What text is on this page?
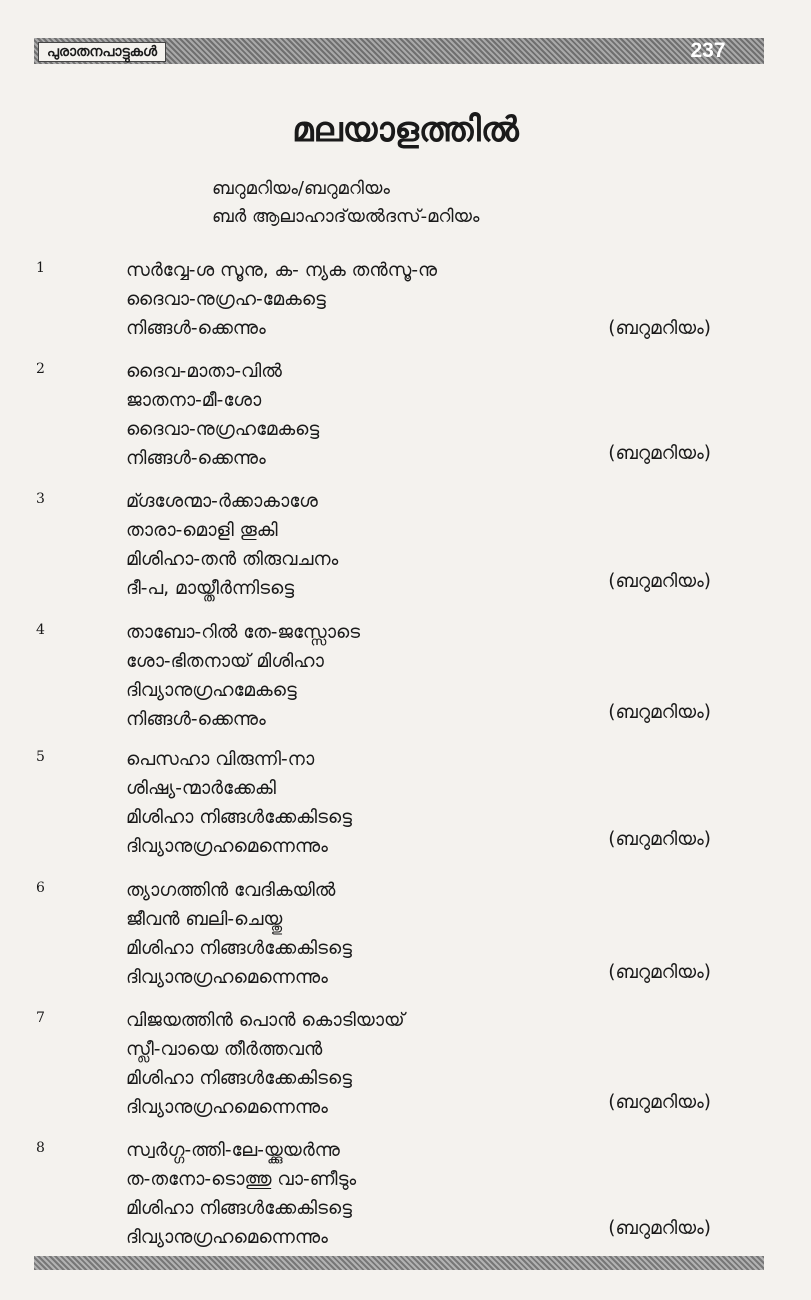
പുരാതനപാട്ടുകൾ	237
മലയാളത്തിൽ
ബറുമറിയം/ബറുമറിയം
ബർ ആലാഹാദ്‌യൽദസ്-മറിയം
1	സർവ്വേ-ശ സൂനു, ക- ന്യക തൻസൂ-നു
ദൈവാ-നുഗ്രഹ-മേകട്ടെ
നിങ്ങൾ-ക്കെന്നും	(ബറുമറിയം)
2	ദൈവ-മാതാ-വിൽ
ജാതനാ-മീ-ശോ
ദൈവാ-നുഗ്രഹമേകട്ടെ
നിങ്ങൾ-ക്കെന്നും	(ബറുമറിയം)
3	മ്ഗ്ദശേന്മാ-ർക്കാകാശേ
താരാ-മൊളി തൂകി
മിശിഹാ-തൻ തിരുവചനം
ദീ-പ, മായ്തീർന്നിടട്ടെ	(ബറുമറിയം)
4	താബോ-റിൽ തേ-ജസ്സോടെ
ശോ-ഭിതനായ് മിശിഹാ
ദിവ്യാനുഗ്രഹമേകട്ടെ
നിങ്ങൾ-ക്കെന്നും	(ബറുമറിയം)
5	പെസഹാ വിരുന്നി-നാ
ശിഷ്യ-ന്മാർക്കേകി
മിശിഹാ നിങ്ങൾക്കേകിടട്ടെ
ദിവ്യാനുഗ്രഹമെന്നെന്നും	(ബറുമറിയം)
6	ത്യാഗത്തിൻ വേദികയിൽ
ജീവൻ ബലി-ചെയ്തു
മിശിഹാ നിങ്ങൾക്കേകിടട്ടെ
ദിവ്യാനുഗ്രഹമെന്നെന്നും	(ബറുമറിയം)
7	വിജയത്തിൻ പൊൻ കൊടിയായ്
സ്ലീ-വായെ തീർത്തവൻ
മിശിഹാ നിങ്ങൾക്കേകിടട്ടെ
ദിവ്യാനുഗ്രഹമെന്നെന്നും	(ബറുമറിയം)
8	സ്വർഗ്ഗ-ത്തി-ലേ-യ്ക്കുയർന്നു
ത-തനോ-ടൊത്തു വാ-ണീടും
മിശിഹാ നിങ്ങൾക്കേകിടട്ടെ
ദിവ്യാനുഗ്രഹമെന്നെന്നും	(ബറുമറിയം)
